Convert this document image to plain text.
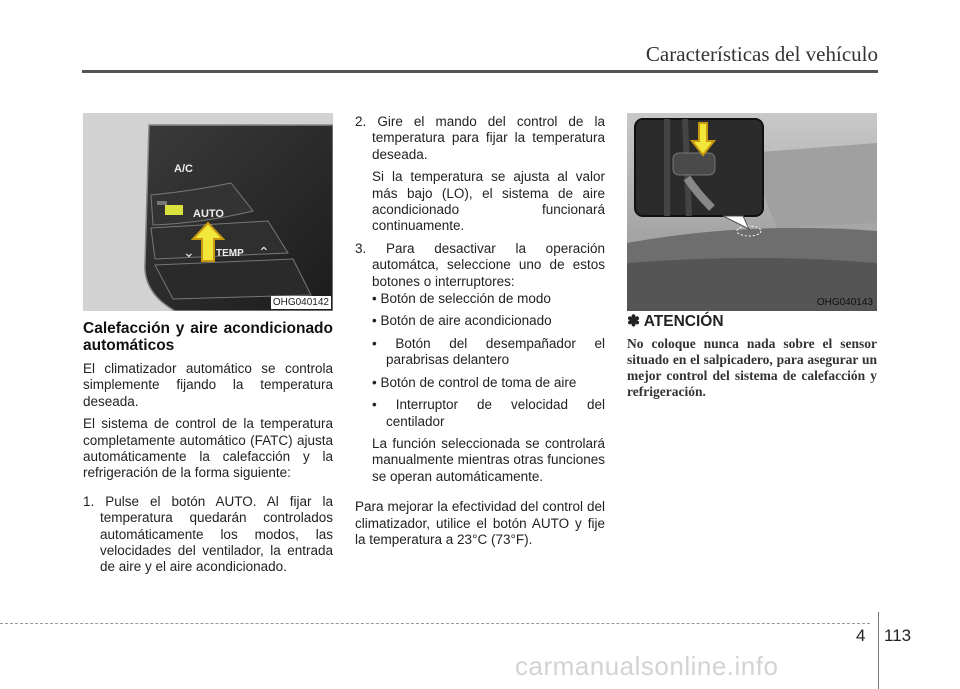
Características del vehículo
A/C
AUTO
TEMP
⌄	⌃
OHG040142	OHG040143
Calefacción y aire acondicionado automáticos

El climatizador automático se controla simplemente fijando la temperatura deseada.

El sistema de control de la temperatura completamente automático (FATC) ajusta automáticamente la calefacción y la refrigeración de la forma siguiente:

1. Pulse el botón AUTO. Al fijar la temperatura quedarán controlados automáticamente los modos, las velocidades del ventilador, la entrada de aire y el aire acondicionado.
2. Gire el mando del control de la temperatura para fijar la temperatura deseada.

Si la temperatura se ajusta al valor más bajo (LO), el sistema de aire acondicionado funcionará continuamente.

3. Para desactivar la operación automátca, seleccione uno de estos botones o interruptores:

• Botón de selección de modo

• Botón de aire acondicionado

• Botón del desempañador el parabrisas delantero

• Botón de control de toma de aire

• Interruptor de velocidad del centilador

La función seleccionada se controlará manualmente mientras otras funciones se operan automáticamente.

Para mejorar la efectividad del control del climatizador, utilice el botón AUTO y fije la temperatura a 23°C (73°F).

✽ ATENCIÓN
No coloque nunca nada sobre el sensor situado en el salpicadero, para asegurar un mejor control del sistema de calefacción y refrigeración.
4 113
carmanualsonline.info
